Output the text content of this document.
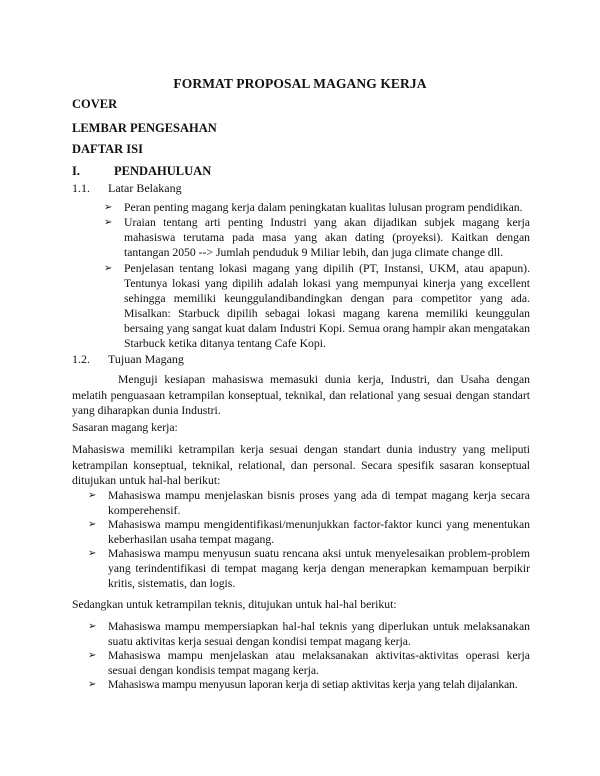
FORMAT PROPOSAL MAGANG KERJA
COVER
LEMBAR PENGESAHAN
DAFTAR ISI
I.	PENDAHULUAN
1.1. Latar Belakang
➢ Peran penting magang kerja dalam peningkatan kualitas lulusan program pendidikan.
➢ Uraian tentang arti penting Industri yang akan dijadikan subjek magang kerja mahasiswa terutama pada masa yang akan dating (proyeksi). Kaitkan dengan tantangan 2050 --> Jumlah penduduk 9 Miliar lebih, dan juga climate change dll.
➢ Penjelasan tentang lokasi magang yang dipilih (PT, Instansi, UKM, atau apapun). Tentunya lokasi yang dipilih adalah lokasi yang mempunyai kinerja yang excellent sehingga memiliki keunggulandibandingkan dengan para competitor yang ada. Misalkan: Starbuck dipilih sebagai lokasi magang karena memiliki keunggulan bersaing yang sangat kuat dalam Industri Kopi. Semua orang hampir akan mengatakan Starbuck ketika ditanya tentang Cafe Kopi.
1.2. Tujuan Magang
Menguji kesiapan mahasiswa memasuki dunia kerja, Industri, dan Usaha dengan melatih penguasaan ketrampilan konseptual, teknikal, dan relational yang sesuai dengan standart yang diharapkan dunia Industri.
Sasaran magang kerja:
Mahasiswa memiliki ketrampilan kerja sesuai dengan standart dunia industry yang meliputi ketrampilan konseptual, teknikal, relational, dan personal. Secara spesifik sasaran konseptual ditujukan untuk hal-hal berikut:
➢ Mahasiswa mampu menjelaskan bisnis proses yang ada di tempat magang kerja secara komperehensif.
➢ Mahasiswa mampu mengidentifikasi/menunjukkan factor-faktor kunci yang menentukan keberhasilan usaha tempat magang.
➢ Mahasiswa mampu menyusun suatu rencana aksi untuk menyelesaikan problem-problem yang terindentifikasi di tempat magang kerja dengan menerapkan kemampuan berpikir kritis, sistematis, dan logis.
Sedangkan untuk ketrampilan teknis, ditujukan untuk hal-hal berikut:
➢ Mahasiswa mampu mempersiapkan hal-hal teknis yang diperlukan untuk melaksanakan suatu aktivitas kerja sesuai dengan kondisi tempat magang kerja.
➢ Mahasiswa mampu menjelaskan atau melaksanakan aktivitas-aktivitas operasi kerja sesuai dengan kondisis tempat magang kerja.
➢ Mahasiswa mampu menyusun laporan kerja di setiap aktivitas kerja yang telah dijalankan.
